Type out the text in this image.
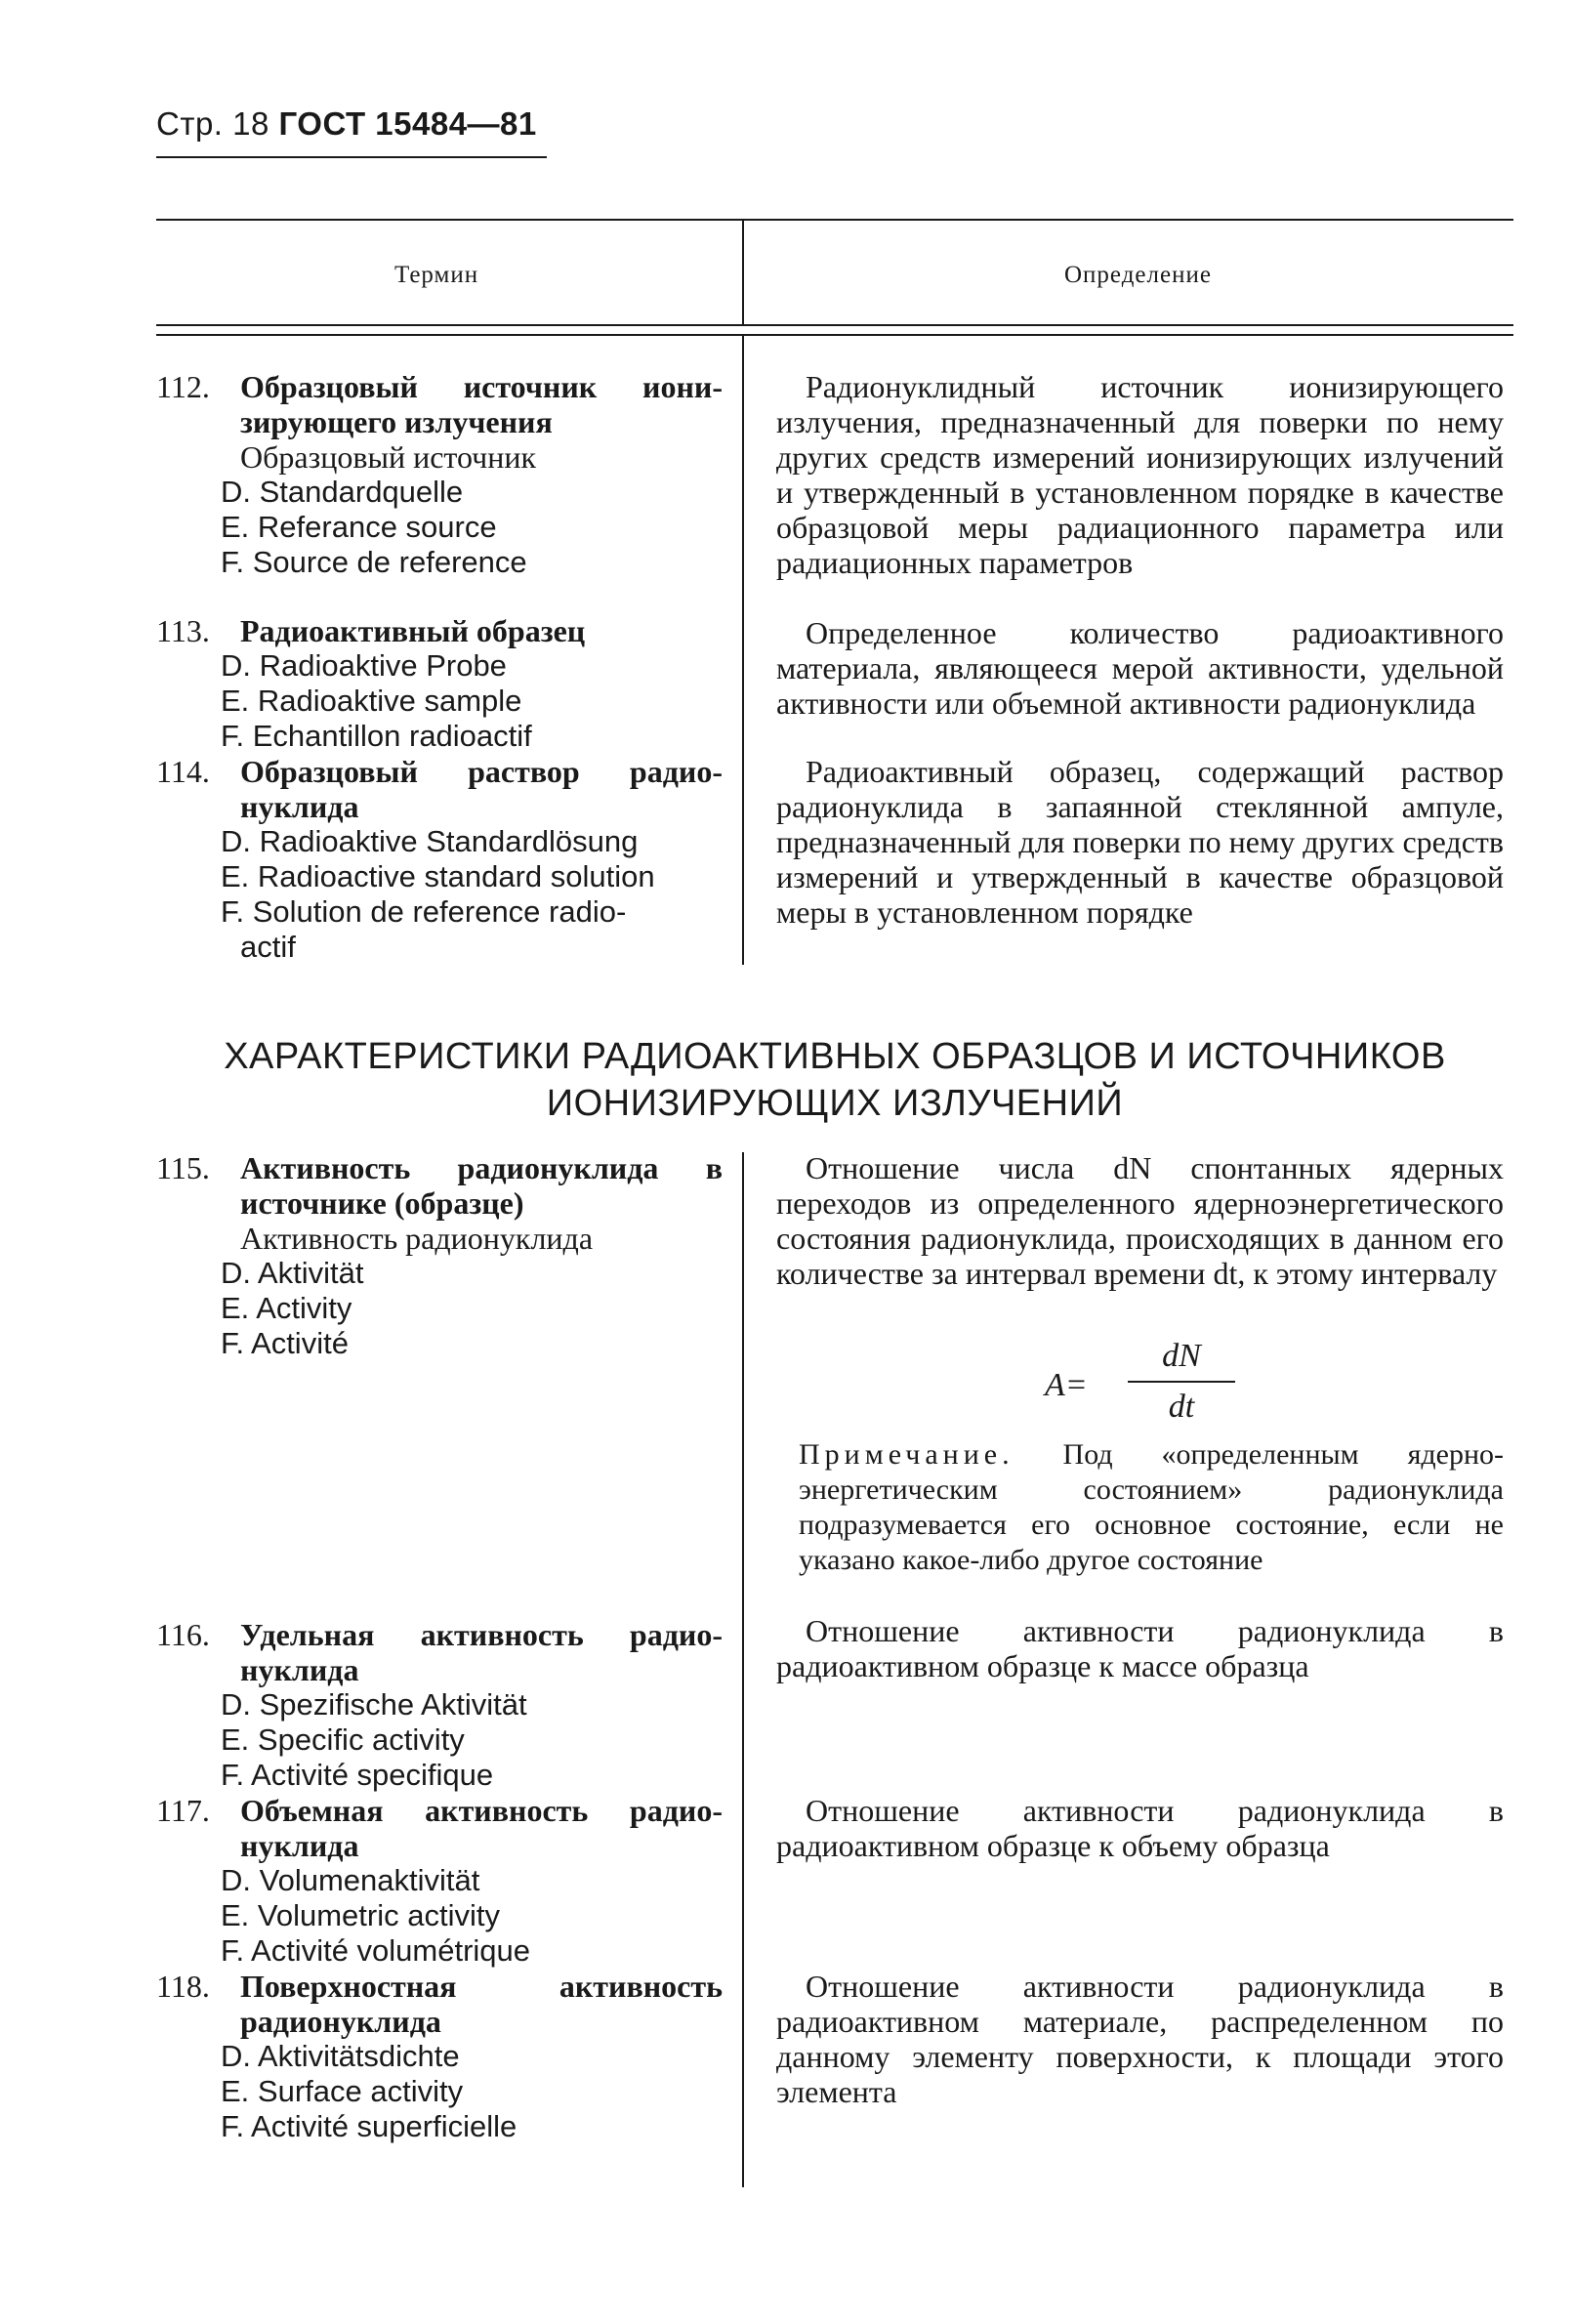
Стр. 18 ГОСТ 15484—81
Термин	Определение
112. Образцовый источник иони-
зирующего излучения
Образцовый источник
D. Standardquelle
E. Referance source
F. Source de reference

Радионуклидный источник ионизирующего излучения, предназначенный для поверки по нему других средств измерений ионизирующих излучений и утвержденный в установленном порядке в качестве образцовой меры радиационного параметра или радиационных параметров

113. Радиоактивный образец
D. Radioaktive Probe
E. Radioaktive sample
F. Echantillon radioactif

Определенное количество радиоактивного материала, являющееся мерой активности, удельной активности или объемной активности радионуклида

114. Образцовый раствор радио-
нуклида
D. Radioaktive Standardlösung
E. Radioactive standard solution
F. Solution de reference radio-
actif

Радиоактивный образец, содержащий раствор радионуклида в запаянной стеклянной ампуле, предназначенный для поверки по нему других средств измерений и утвержденный в качестве образцовой меры в установленном порядке

ХАРАКТЕРИСТИКИ РАДИОАКТИВНЫХ ОБРАЗЦОВ И ИСТОЧНИКОВ
ИОНИЗИРУЮЩИХ ИЗЛУЧЕНИЙ
115. Активность радионуклида в
источнике (образце)
Активность радионуклида
D. Aktivität
E. Activity
F. Activité

Отношение числа dN спонтанных ядерных переходов из определенного ядерноэнергетического состояния радионуклида, происходящих в данном его количестве за интервал времени dt, к этому интервалу

A=
dN
dt
Примечание. Под «определенным ядерно-энергетическим состоянием» радионуклида подразумевается его основное состояние, если не указано какое-либо другое состояние
116. Удельная активность радио-
нуклида
D. Spezifische Aktivität
E. Specific activity
F. Activité specifique

Отношение активности радионуклида в радиоактивном образце к массе образца

117. Объемная активность радио-
нуклида
D. Volumenaktivität
E. Volumetric activity
F. Activité volumétrique

Отношение активности радионуклида в радиоактивном образце к объему образца

118. Поверхностная активность
радионуклида
D. Aktivitätsdichte
E. Surface activity
F. Activité superficielle

Отношение активности радионуклида в радиоактивном материале, распределенном по данному элементу поверхности, к площади этого элемента
